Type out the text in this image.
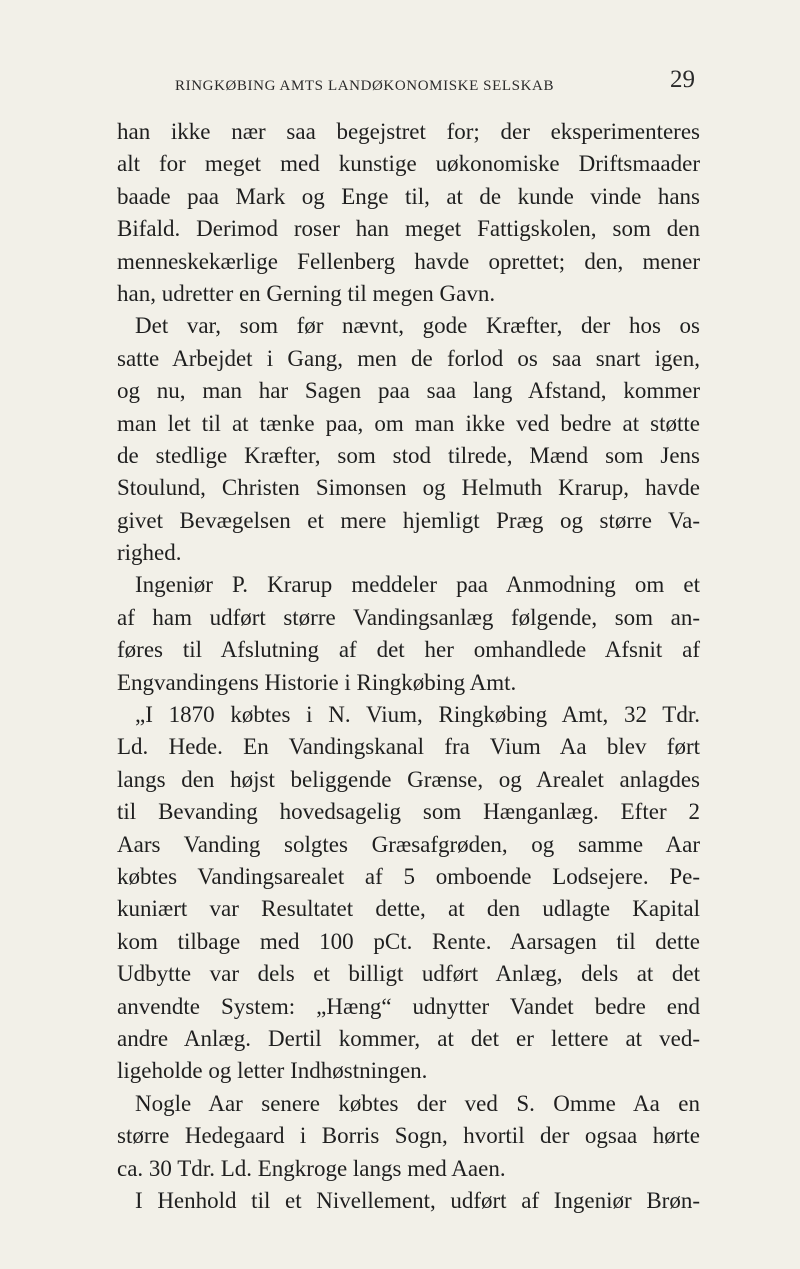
RINGKØBING AMTS LANDØKONOMISKE SELSKAB	29
han ikke nær saa begejstret for; der eksperimenteres
alt for meget med kunstige uøkonomiske Driftsmaader
baade paa Mark og Enge til, at de kunde vinde hans
Bifald. Derimod roser han meget Fattigskolen, som den
menneskekærlige Fellenberg havde oprettet; den, mener
han, udretter en Gerning til megen Gavn.
Det var, som før nævnt, gode Kræfter, der hos os
satte Arbejdet i Gang, men de forlod os saa snart igen,
og nu, man har Sagen paa saa lang Afstand, kommer
man let til at tænke paa, om man ikke ved bedre at støtte
de stedlige Kræfter, som stod tilrede, Mænd som Jens
Stoulund, Christen Simonsen og Helmuth Krarup, havde
givet Bevægelsen et mere hjemligt Præg og større Va-
righed.
Ingeniør P. Krarup meddeler paa Anmodning om et
af ham udført større Vandingsanlæg følgende, som an-
føres til Afslutning af det her omhandlede Afsnit af
Engvandingens Historie i Ringkøbing Amt.
„I 1870 købtes i N. Vium, Ringkøbing Amt, 32 Tdr.
Ld. Hede. En Vandingskanal fra Vium Aa blev ført
langs den højst beliggende Grænse, og Arealet anlagdes
til Bevanding hovedsagelig som Hænganlæg. Efter 2
Aars Vanding solgtes Græsafgrøden, og samme Aar
købtes Vandingsarealet af 5 omboende Lodsejere. Pe-
kuniært var Resultatet dette, at den udlagte Kapital
kom tilbage med 100 pCt. Rente. Aarsagen til dette
Udbytte var dels et billigt udført Anlæg, dels at det
anvendte System: „Hæng“ udnytter Vandet bedre end
andre Anlæg. Dertil kommer, at det er lettere at ved-
ligeholde og letter Indhøstningen.
Nogle Aar senere købtes der ved S. Omme Aa en
større Hedegaard i Borris Sogn, hvortil der ogsaa hørte
ca. 30 Tdr. Ld. Engkroge langs med Aaen.
I Henhold til et Nivellement, udført af Ingeniør Brøn-
